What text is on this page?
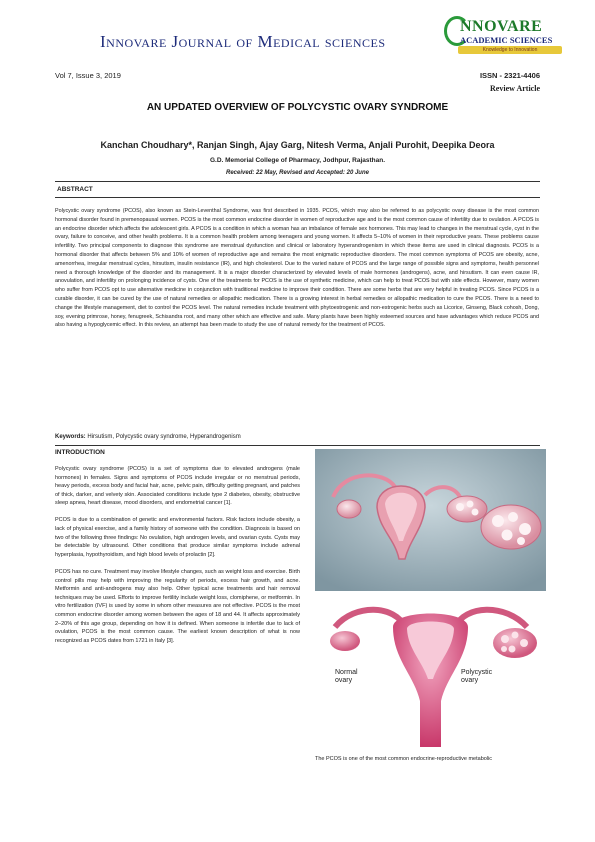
Innovare Journal of Medical sciences
NNOVARE
ACADEMIC SCIENCES
Knowledge to Innovation
Vol 7, Issue 3, 2019	ISSN - 2321-4406
Review Article
AN UPDATED OVERVIEW OF POLYCYSTIC OVARY SYNDROME
Kanchan Choudhary*, Ranjan Singh, Ajay Garg, Nitesh Verma, Anjali Purohit, Deepika Deora
G.D. Memorial College of Pharmacy, Jodhpur, Rajasthan.
Received: 22 May, Revised and Accepted: 20 June
ABSTRACT
Polycystic ovary syndrome (PCOS), also known as Stein-Leventhal Syndrome, was first described in 1935. PCOS, which may also be referred to as polycystic ovary disease is the most common hormonal disorder found in premenopausal women. PCOS is the most common endocrine disorder in women of reproductive age and is the most common cause of infertility due to ovulation. A PCOS is an endocrine disorder which affects the adolescent girls. A PCOS is a condition in which a woman has an imbalance of female sex hormones. This may lead to changes in the menstrual cycle, cyst in the ovary, failure to conceive, and other health problems. It is a common health problem among teenagers and young women. It affects 5–10% of women in their reproductive years. These problems cause infertility. Two principal components to diagnose this syndrome are menstrual dysfunction and clinical or laboratory hyperandrogenism in which these items are used in clinical diagnosis. PCOS is a hormonal disorder that affects between 5% and 10% of women of reproductive age and remains the most enigmatic reproductive disorders. The most common symptoms of PCOS are obesity, acne, amenorrhea, irregular menstrual cycles, hirsutism, insulin resistance (IR), and high cholesterol. Due to the varied nature of PCOS and the large range of possible signs and symptoms, health personnel need a thorough knowledge of the disorder and its management. It is a major disorder characterized by elevated levels of male hormones (androgens), acne, and hirsutism. It can even cause IR, anovulation, and infertility on prolonging incidence of cysts. One of the treatments for PCOS is the use of synthetic medicine, which can help to treat PCOS but with side effects. However, many women who suffer from PCOS opt to use alternative medicine in conjunction with traditional medicine to improve their condition. There are some herbs that are very helpful in treating PCOS. Since PCOS is a curable disorder, it can be cured by the use of natural remedies or allopathic medication. There is a growing interest in herbal remedies or allopathic medication to cure the PCOS. There is a need to change the lifestyle management, diet to control the PCOS level. The natural remedies include treatment with phytoestrogenic and non-estrogenic herbs such as Licorice, Ginseng, Black cohosh, Dong, soy, evening primrose, honey, fenugreek, Schisandra root, and many other which are effective and safe. Many plants have been highly esteemed sources and have advantages which reduce PCOS and also having a hypoglycemic effect. In this review, an attempt has been made to study the use of natural remedy for the treatment of PCOS.
Keywords: Hirsutism, Polycystic ovary syndrome, Hyperandrogenism
INTRODUCTION

Polycystic ovary syndrome (PCOS) is a set of symptoms due to elevated androgens (male hormones) in females. Signs and symptoms of PCOS include irregular or no menstrual periods, heavy periods, excess body and facial hair, acne, pelvic pain, difficulty getting pregnant, and patches of thick, darker, and velvety skin. Associated conditions include type 2 diabetes, obesity, obstructive sleep apnea, heart disease, mood disorders, and endometrial cancer [1].

PCOS is due to a combination of genetic and environmental factors. Risk factors include obesity, a lack of physical exercise, and a family history of someone with the condition. Diagnosis is based on two of the following three findings: No ovulation, high androgen levels, and ovarian cysts. Cysts may be detectable by ultrasound. Other conditions that produce similar symptoms include adrenal hyperplasia, hypothyroidism, and high blood levels of prolactin [2].

PCOS has no cure. Treatment may involve lifestyle changes, such as weight loss and exercise. Birth control pills may help with improving the regularity of periods, excess hair growth, and acne. Metformin and anti-androgens may also help. Other typical acne treatments and hair removal techniques may be used. Efforts to improve fertility include weight loss, clomiphene, or metformin. In vitro fertilization (IVF) is used by some in whom other measures are not effective. PCOS is the most common endocrine disorder among women between the ages of 18 and 44. It affects approximately 2–20% of this age group, depending on how it is defined. When someone is infertile due to lack of ovulation, PCOS is the most common cause. The earliest known description of what is now recognized as PCOS dates from 1721 in Italy [3].

Normal
ovary
Polycystic
ovary
The PCOS is one of the most common endocrine-reproductive metabolic
